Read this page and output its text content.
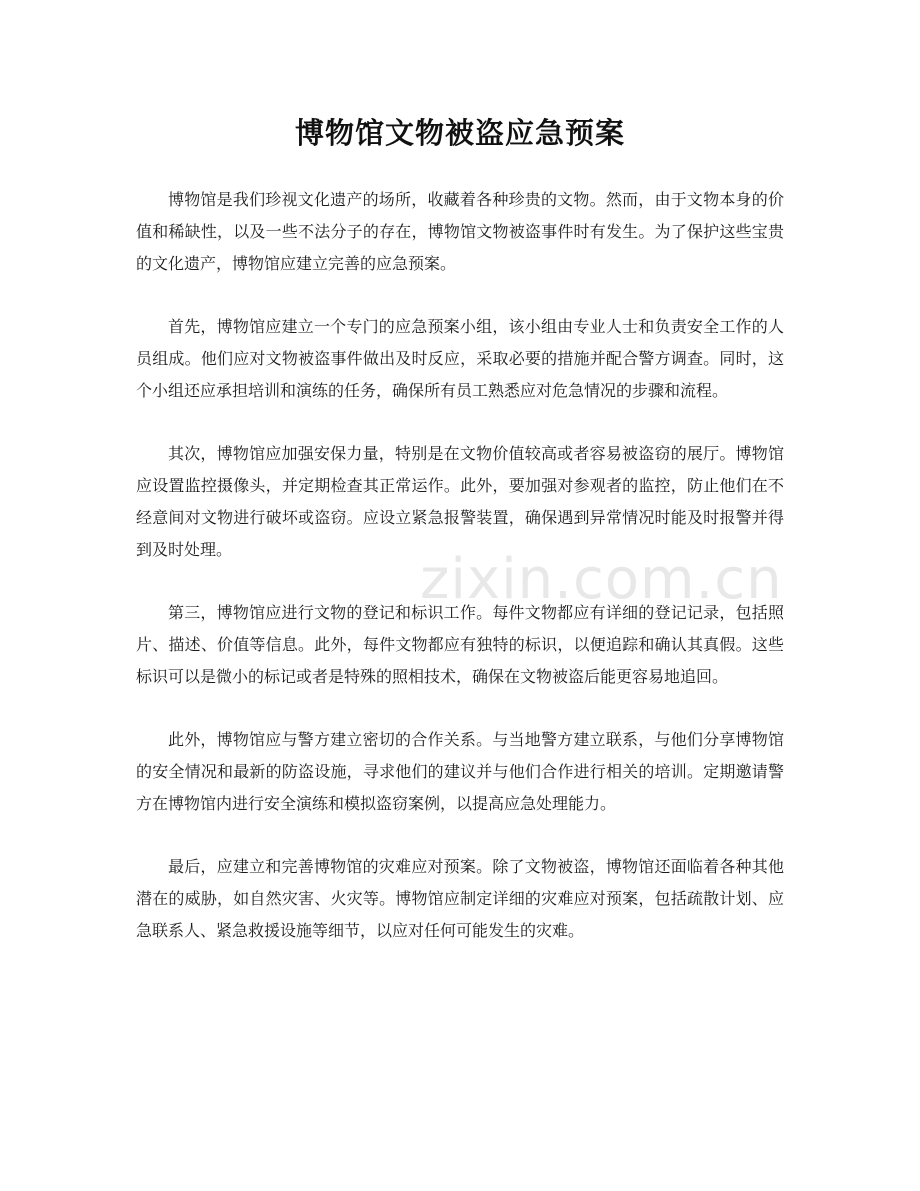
博物馆文物被盗应急预案

博物馆是我们珍视文化遗产的场所，收藏着各种珍贵的文物。然而，由于文物本身的价值和稀缺性，以及一些不法分子的存在，博物馆文物被盗事件时有发生。为了保护这些宝贵的文化遗产，博物馆应建立完善的应急预案。

首先，博物馆应建立一个专门的应急预案小组，该小组由专业人士和负责安全工作的人员组成。他们应对文物被盗事件做出及时反应，采取必要的措施并配合警方调查。同时，这个小组还应承担培训和演练的任务，确保所有员工熟悉应对危急情况的步骤和流程。

其次，博物馆应加强安保力量，特别是在文物价值较高或者容易被盗窃的展厅。博物馆应设置监控摄像头，并定期检查其正常运作。此外，要加强对参观者的监控，防止他们在不经意间对文物进行破坏或盗窃。应设立紧急报警装置，确保遇到异常情况时能及时报警并得到及时处理。

第三，博物馆应进行文物的登记和标识工作。每件文物都应有详细的登记记录，包括照片、描述、价值等信息。此外，每件文物都应有独特的标识，以便追踪和确认其真假。这些标识可以是微小的标记或者是特殊的照相技术，确保在文物被盗后能更容易地追回。

此外，博物馆应与警方建立密切的合作关系。与当地警方建立联系，与他们分享博物馆的安全情况和最新的防盗设施，寻求他们的建议并与他们合作进行相关的培训。定期邀请警方在博物馆内进行安全演练和模拟盗窃案例，以提高应急处理能力。

最后，应建立和完善博物馆的灾难应对预案。除了文物被盗，博物馆还面临着各种其他潜在的威胁，如自然灾害、火灾等。博物馆应制定详细的灾难应对预案，包括疏散计划、应急联系人、紧急救援设施等细节，以应对任何可能发生的灾难。

zixin.com.cn
